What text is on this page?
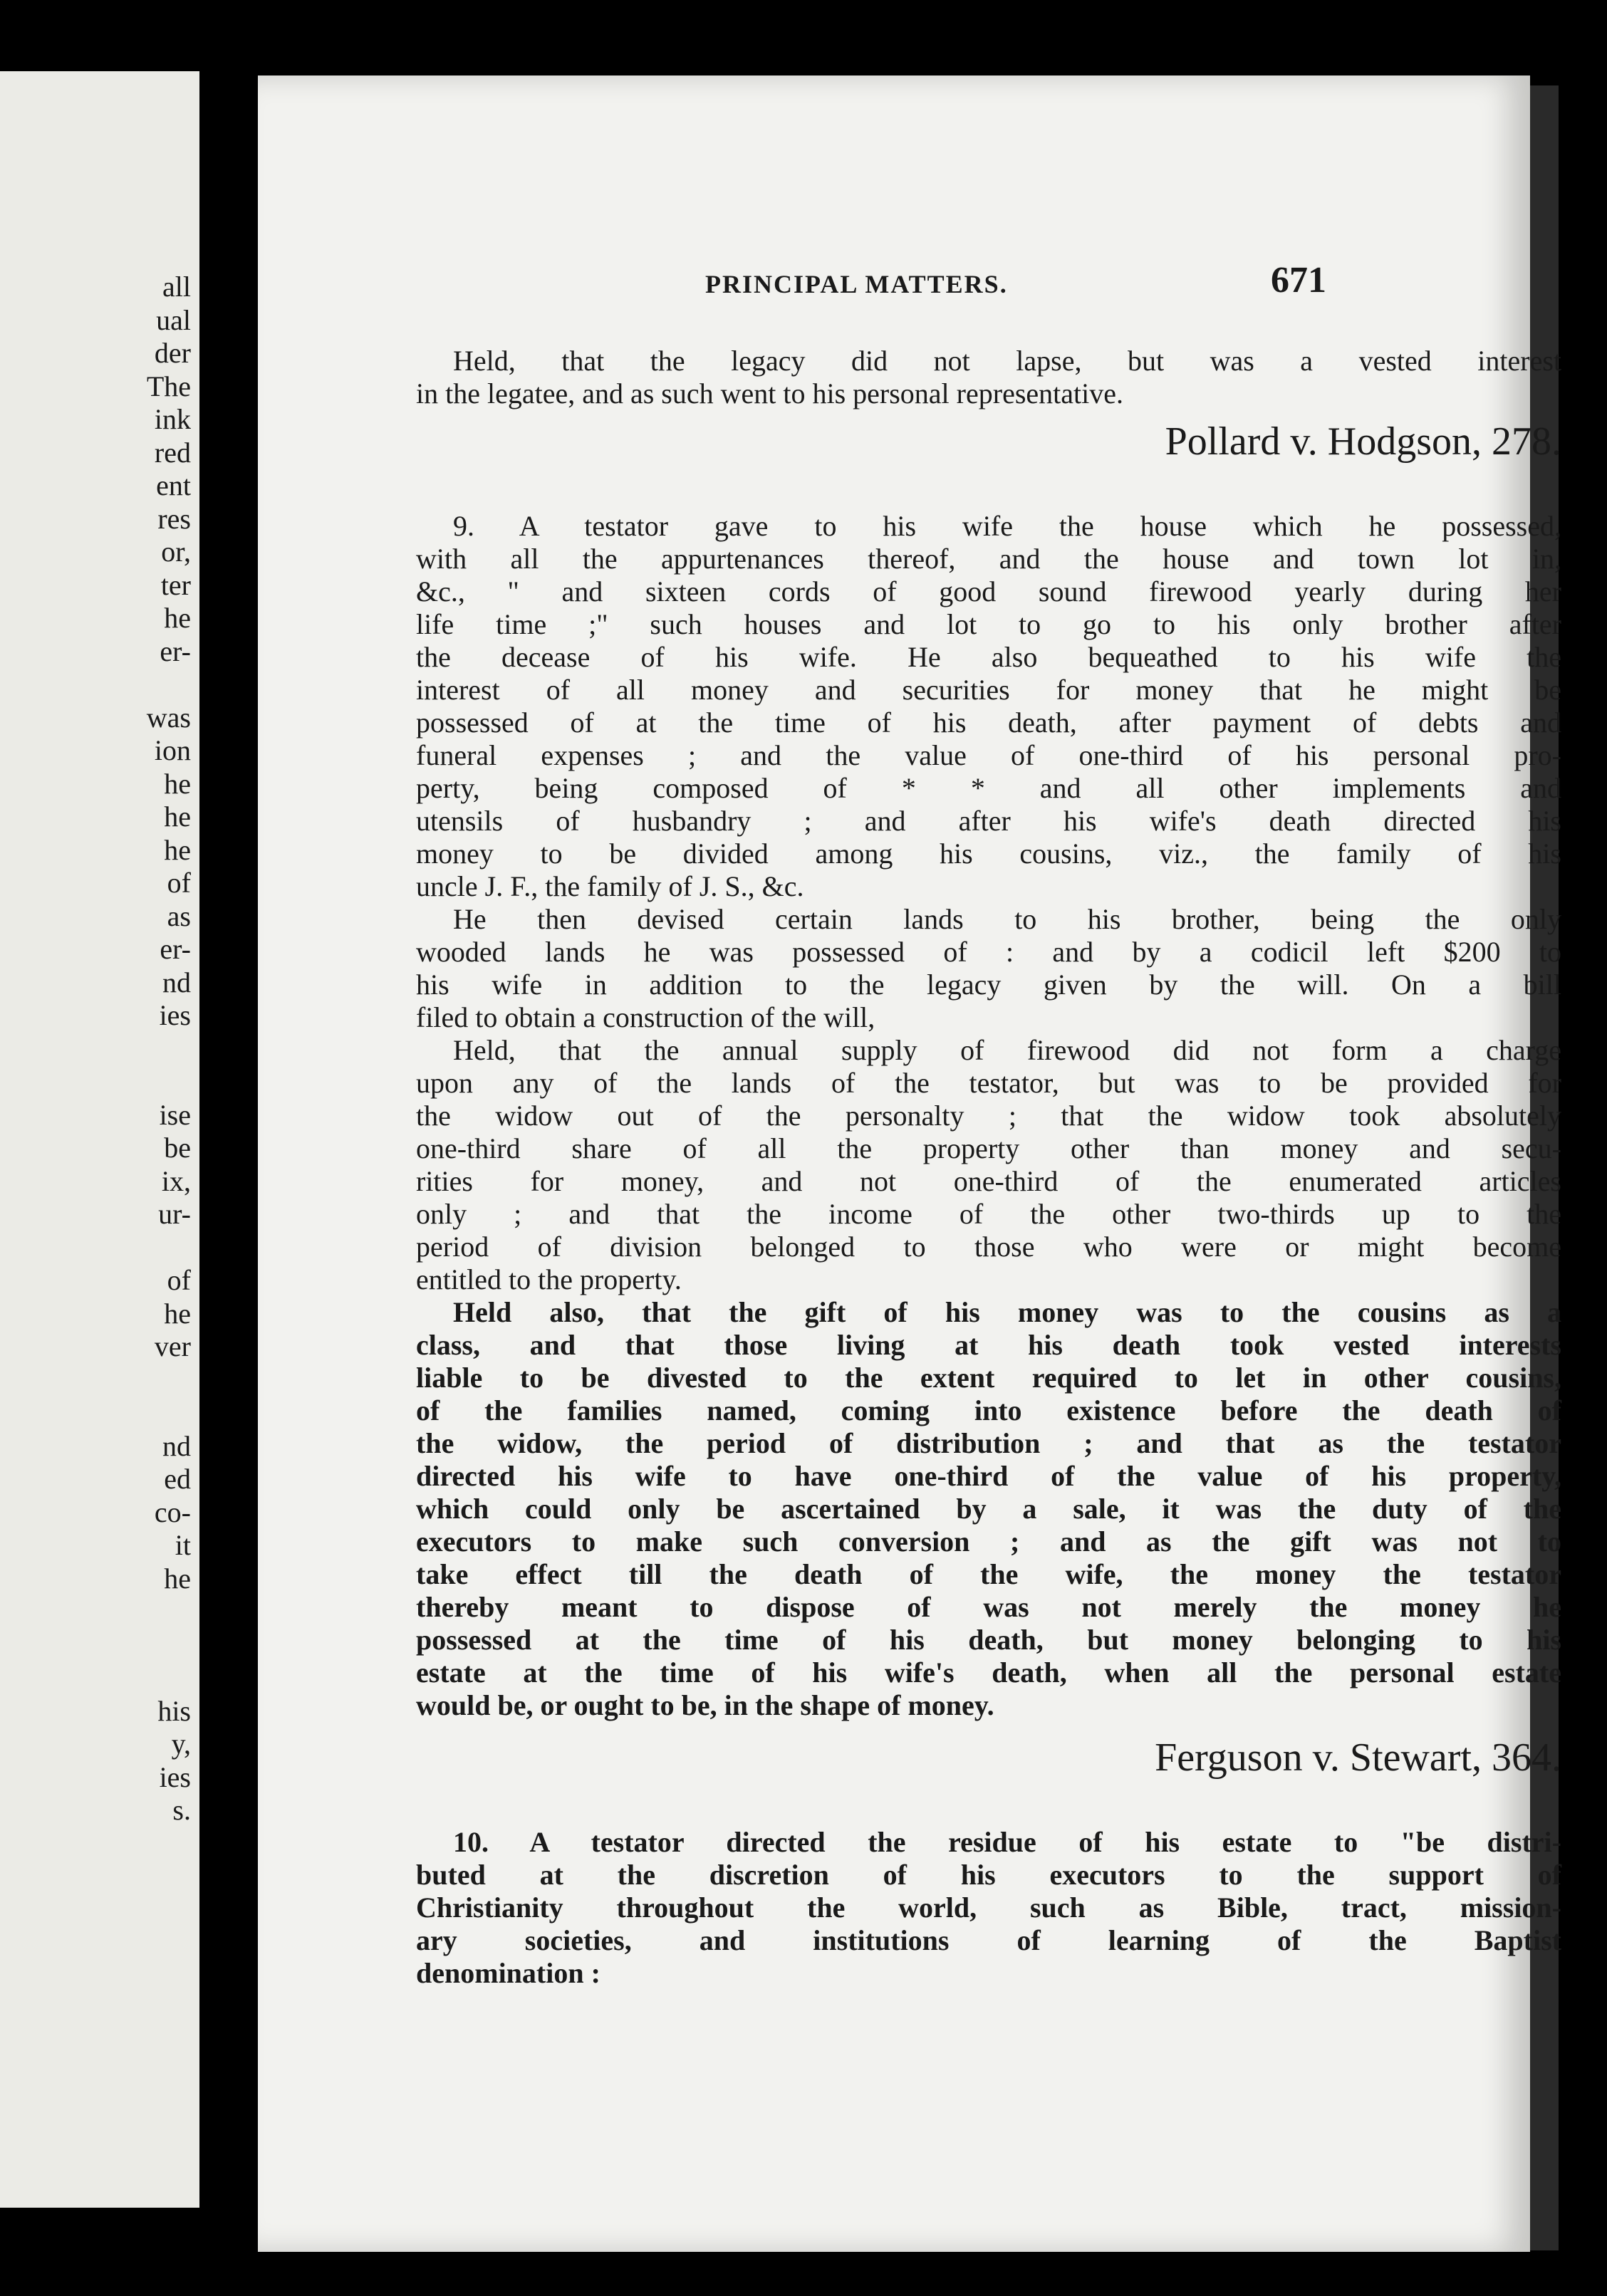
all
ual
der
The
ink
red
ent
res
or,
ter
he
er-
was
ion
he
he
he
of
as
er-
nd
ies
ise
be
ix,
ur-
of
he
ver
nd
ed
co-
it
he
his
y,
ies
s.
PRINCIPAL MATTERS.	671
Held, that the legacy did not lapse, but was a vested interest
in the legatee, and as such went to his personal representative.
Pollard v. Hodgson, 278.
9. A testator gave to his wife the house which he possessed,
with all the appurtenances thereof, and the house and town lot in,
&c., " and sixteen cords of good sound firewood yearly during her
life time ;" such houses and lot to go to his only brother after
the decease of his wife. He also bequeathed to his wife the
interest of all money and securities for money that he might be
possessed of at the time of his death, after payment of debts and
funeral expenses ; and the value of one-third of his personal pro-
perty, being composed of * * and all other implements and
utensils of husbandry ; and after his wife's death directed his
money to be divided among his cousins, viz., the family of his
uncle J. F., the family of J. S., &c.
He then devised certain lands to his brother, being the only
wooded lands he was possessed of : and by a codicil left $200 to
his wife in addition to the legacy given by the will. On a bill
filed to obtain a construction of the will,
Held, that the annual supply of firewood did not form a charge
upon any of the lands of the testator, but was to be provided for
the widow out of the personalty ; that the widow took absolutely
one-third share of all the property other than money and secu-
rities for money, and not one-third of the enumerated articles
only ; and that the income of the other two-thirds up to the
period of division belonged to those who were or might become
entitled to the property.
Held also, that the gift of his money was to the cousins as a
class, and that those living at his death took vested interests
liable to be divested to the extent required to let in other cousins,
of the families named, coming into existence before the death of
the widow, the period of distribution ; and that as the testator
directed his wife to have one-third of the value of his property,
which could only be ascertained by a sale, it was the duty of the
executors to make such conversion ; and as the gift was not to
take effect till the death of the wife, the money the testator
thereby meant to dispose of was not merely the money he
possessed at the time of his death, but money belonging to his
estate at the time of his wife's death, when all the personal estate
would be, or ought to be, in the shape of money.
Ferguson v. Stewart, 364.
10. A testator directed the residue of his estate to "be distri-
buted at the discretion of his executors to the support of
Christianity throughout the world, such as Bible, tract, mission-
ary societies, and institutions of learning of the Baptist
denomination :
